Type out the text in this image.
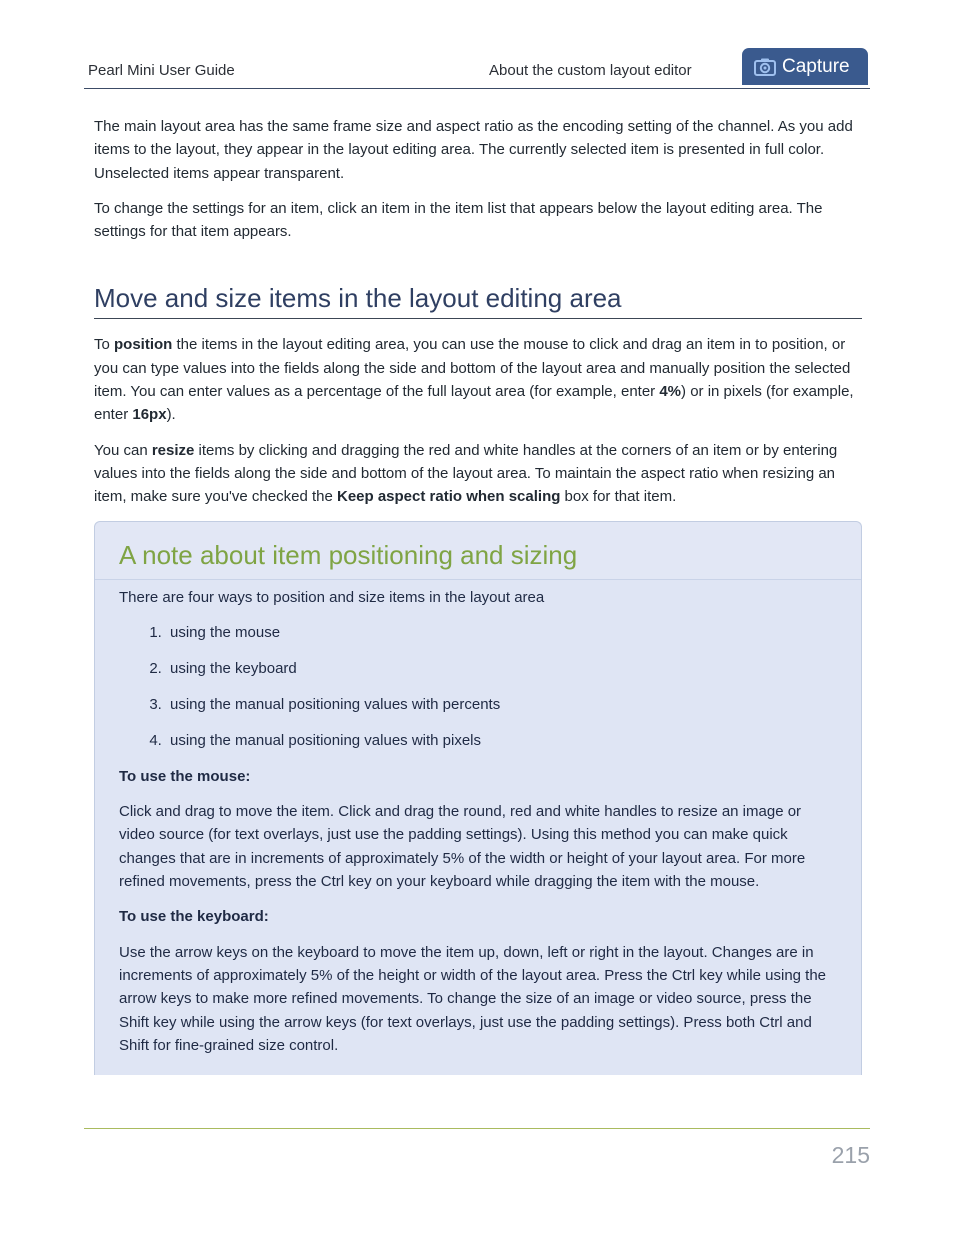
Pearl Mini User Guide	About the custom layout editor	Capture

The main layout area has the same frame size and aspect ratio as the encoding setting of the channel. As you add items to the layout, they appear in the layout editing area. The currently selected item is presented in full color. Unselected items appear transparent.

To change the settings for an item, click an item in the item list that appears below the layout editing area. The settings for that item appears.

Move and size items in the layout editing area

To position the items in the layout editing area, you can use the mouse to click and drag an item in to position, or you can type values into the fields along the side and bottom of the layout area and manually position the selected item. You can enter values as a percentage of the full layout area (for example, enter 4%) or in pixels (for example, enter 16px).

You can resize items by clicking and dragging the red and white handles at the corners of an item or by entering values into the fields along the side and bottom of the layout area. To maintain the aspect ratio when resizing an item, make sure you've checked the Keep aspect ratio when scaling box for that item.

A note about item positioning and sizing

There are four ways to position and size items in the layout area

1. using the mouse
2. using the keyboard
3. using the manual positioning values with percents
4. using the manual positioning values with pixels

To use the mouse:

Click and drag to move the item. Click and drag the round, red and white handles to resize an image or video source (for text overlays, just use the padding settings). Using this method you can make quick changes that are in increments of approximately 5% of the width or height of your layout area. For more refined movements, press the Ctrl key on your keyboard while dragging the item with the mouse.

To use the keyboard:

Use the arrow keys on the keyboard to move the item up, down, left or right in the layout. Changes are in increments of approximately 5% of the height or width of the layout area. Press the Ctrl key while using the arrow keys to make more refined movements. To change the size of an image or video source, press the Shift key while using the arrow keys (for text overlays, just use the padding settings). Press both Ctrl and Shift for fine-grained size control.

215
